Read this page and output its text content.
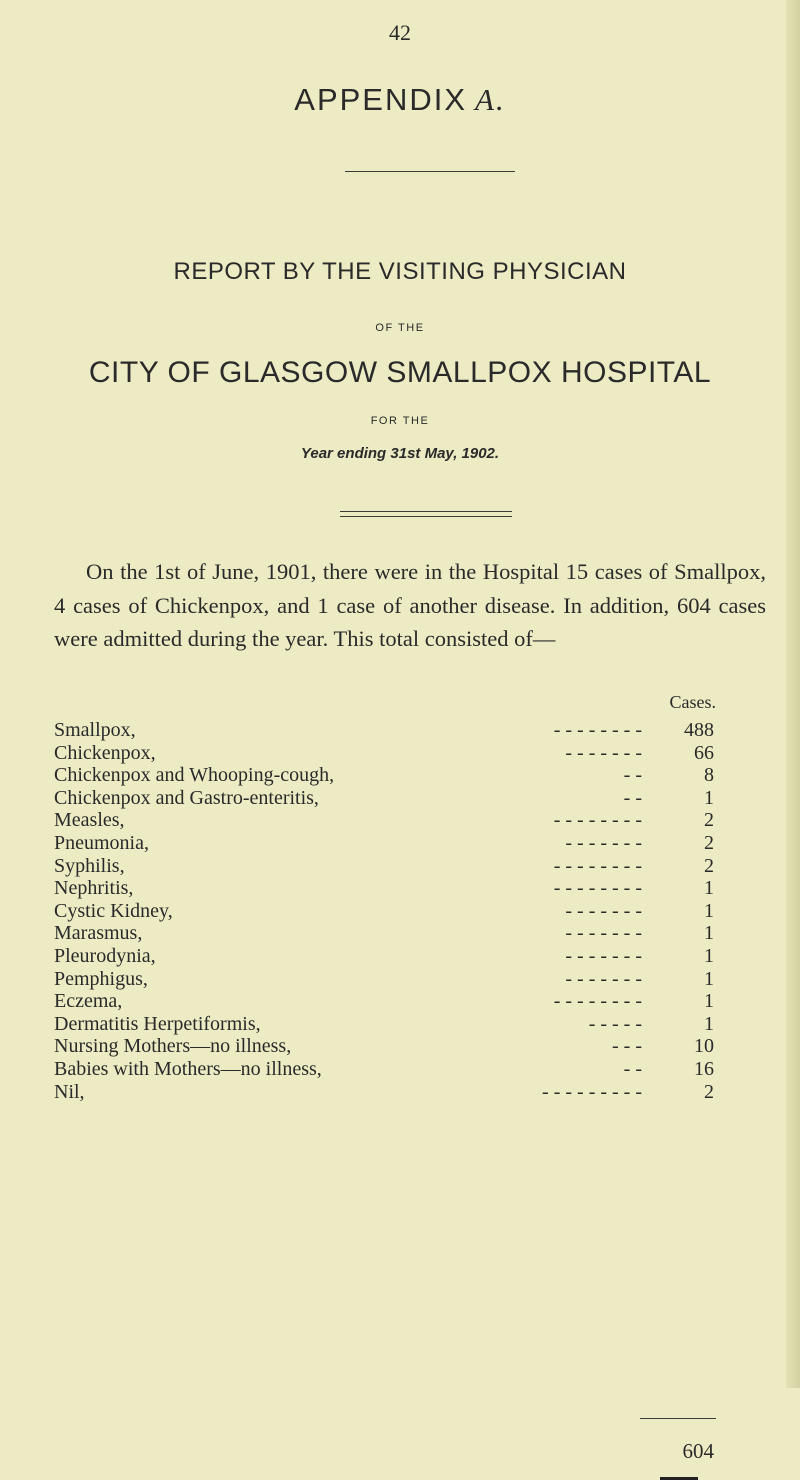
42
APPENDIX A.
REPORT BY THE VISITING PHYSICIAN
OF THE
CITY OF GLASGOW SMALLPOX HOSPITAL
FOR THE
Year ending 31st May, 1902.
On the 1st of June, 1901, there were in the Hospital 15 cases of Smallpox, 4 cases of Chickenpox, and 1 case of another disease. In addition, 604 cases were admitted during the year. This total consisted of—
Cases.
Smallpox,	- - - - - - - -	488
Chickenpox,	- - - - - - -	66
Chickenpox and Whooping-cough,	- -	8
Chickenpox and Gastro-enteritis,	- -	1
Measles,	- - - - - - - -	2
Pneumonia,	- - - - - - -	2
Syphilis,	- - - - - - - -	2
Nephritis,	- - - - - - - -	1
Cystic Kidney,	- - - - - - -	1
Marasmus,	- - - - - - -	1
Pleurodynia,	- - - - - - -	1
Pemphigus,	- - - - - - -	1
Eczema,	- - - - - - - -	1
Dermatitis Herpetiformis,	- - - - -	1
Nursing Mothers—no illness,	- - -	10
Babies with Mothers—no illness,	- -	16
Nil,	- - - - - - - - -	2
604
